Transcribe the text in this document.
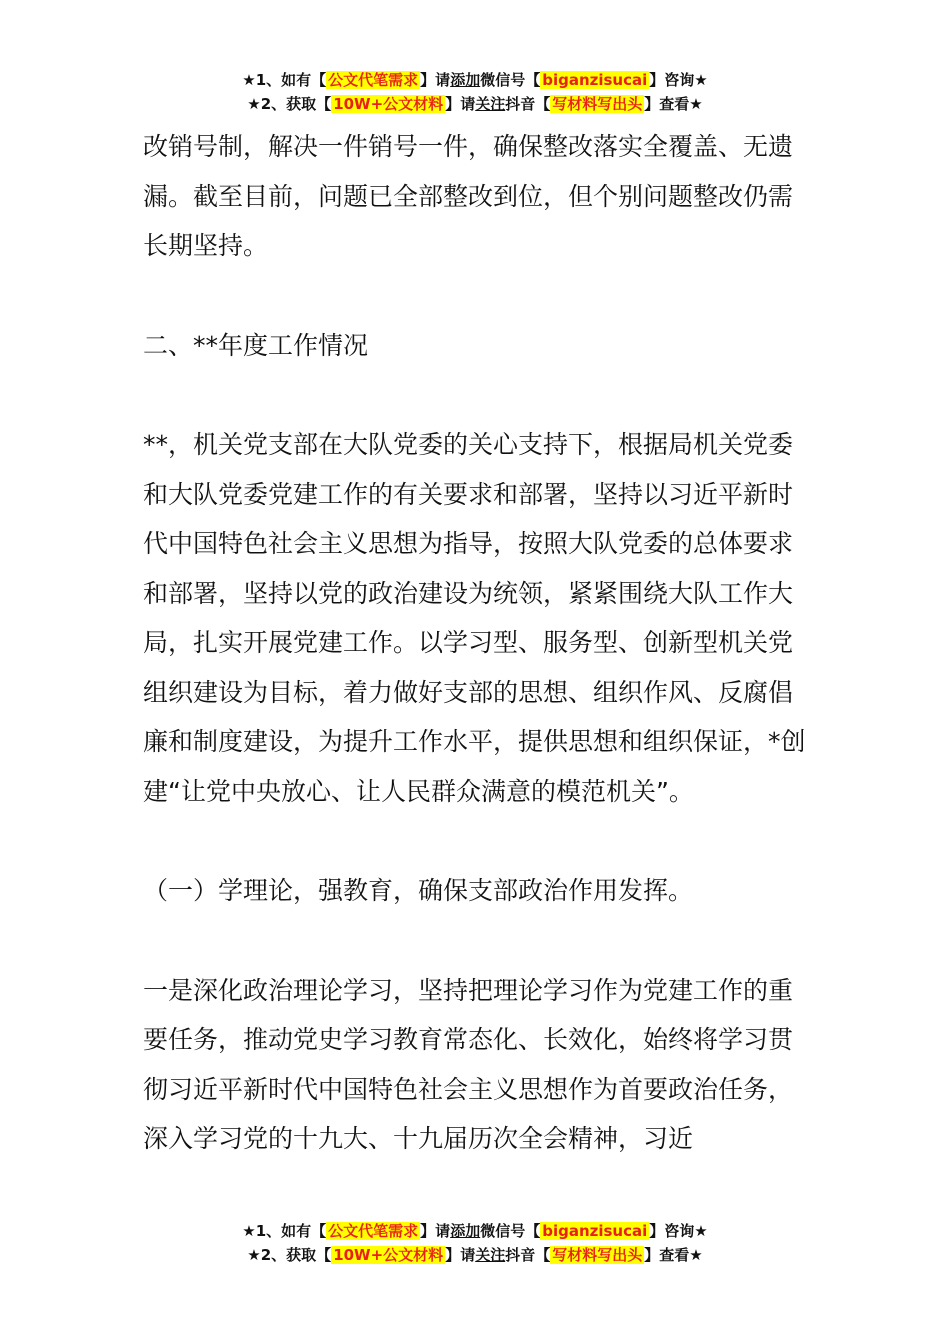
★1、如有【 公文代笔需求 】请添加微信号【 biganzisucai 】咨询★
★2、获取【 10W+公文材料 】请关注抖音【 写材料写出头 】查看★

改销号制，解决一件销号一件，确保整改落实全覆盖、无遗漏。截至目前，问题已全部整改到位，但个别问题整改仍需长期坚持。

二、**年度工作情况

**，机关党支部在大队党委的关心支持下，根据局机关党委和大队党委党建工作的有关要求和部署，坚持以习近平新时代中国特色社会主义思想为指导，按照大队党委的总体要求和部署，坚持以党的政治建设为统领，紧紧围绕大队工作大局，扎实开展党建工作。以学习型、服务型、创新型机关党组织建设为目标，着力做好支部的思想、组织作风、反腐倡廉和制度建设，为提升工作水平，提供思想和组织保证，*创建“让党中央放心、让人民群众满意的模范机关”。

（一）学理论，强教育，确保支部政治作用发挥。

一是深化政治理论学习，坚持把理论学习作为党建工作的重要任务，推动党史学习教育常态化、长效化，始终将学习贯彻习近平新时代中国特色社会主义思想作为首要政治任务，深入学习党的十九大、十九届历次全会精神，习近

★1、如有【 公文代笔需求 】请添加微信号【 biganzisucai 】咨询★
★2、获取【 10W+公文材料 】请关注抖音【 写材料写出头 】查看★
